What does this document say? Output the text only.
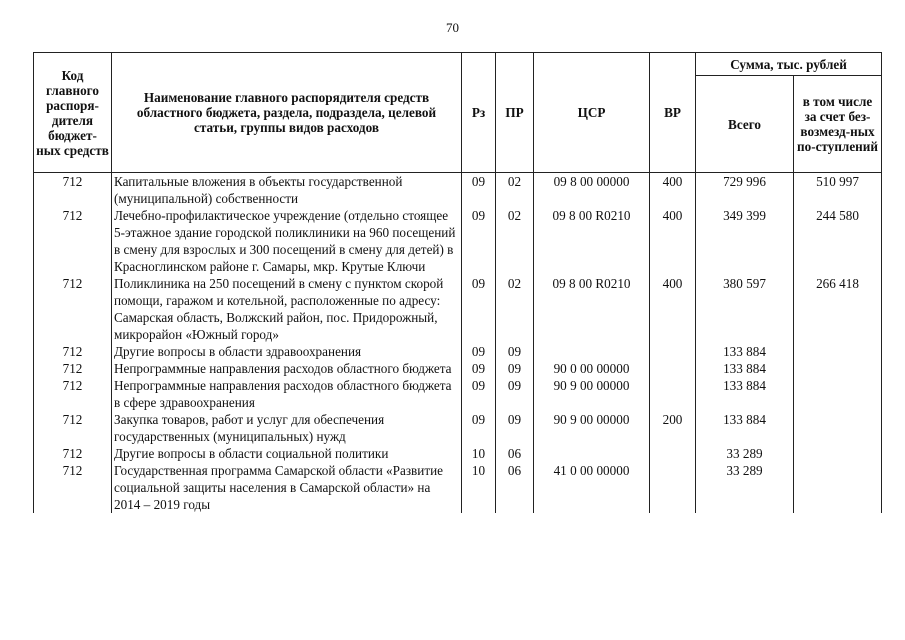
70
Код главного распоря-дителя бюджет-ных средств	Наименование главного распорядителя средств областного бюджета, раздела, подраздела, целевой статьи, группы видов расходов	Рз	ПР	ЦСР	ВР	Сумма, тыс. рублей	
						Всего	в том числе за счет без-возмезд-ных по-ступлений
712	Капитальные вложения в объекты государственной (муниципальной) собственности	09	02	09 8 00 00000	400	729 996	510 997
712	Лечебно-профилактическое учреждение (отдельно стоящее 5-этажное здание городской поликлиники на 960 посещений в смену для взрослых и 300 посещений в смену для детей) в Красноглинском районе г. Самары, мкр. Крутые Ключи	09	02	09 8 00 R0210	400	349 399	244 580
712	Поликлиника на 250 посещений в смену с пунктом скорой помощи, гаражом и котельной, расположенные по адресу: Самарская область, Волжский район, пос. Придорожный, микрорайон «Южный город»	09	02	09 8 00 R0210	400	380 597	266 418
712	Другие вопросы в области здравоохранения	09	09			133 884	
712	Непрограммные направления расходов областного бюджета	09	09	90 0 00 00000		133 884	
712	Непрограммные направления расходов областного бюджета в сфере здравоохранения	09	09	90 9 00 00000		133 884	
712	Закупка товаров, работ и услуг для обеспечения государственных (муниципальных) нужд	09	09	90 9 00 00000	200	133 884	
712	Другие вопросы в области социальной политики	10	06			33 289	
712	Государственная программа Самарской области «Развитие социальной защиты населения в Самарской области» на 2014 – 2019 годы	10	06	41 0 00 00000		33 289	
